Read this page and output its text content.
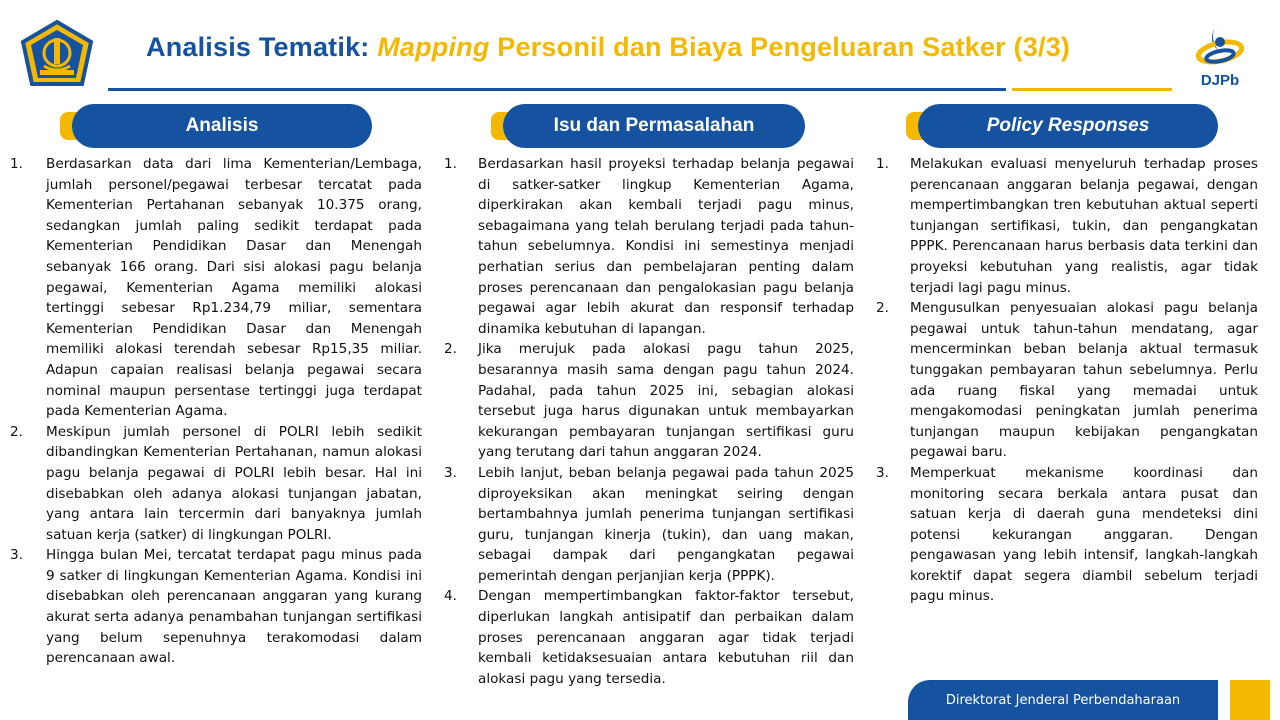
Analisis Tematik: Mapping Personil dan Biaya Pengeluaran Satker (3/3)
DJPb
Analisis	Isu dan Permasalahan	Policy Responses
1.	Berdasarkan data dari lima Kementerian/Lembaga, jumlah personel/pegawai terbesar tercatat pada Kementerian Pertahanan sebanyak 10.375 orang, sedangkan jumlah paling sedikit terdapat pada Kementerian Pendidikan Dasar dan Menengah sebanyak 166 orang. Dari sisi alokasi pagu belanja pegawai, Kementerian Agama memiliki alokasi tertinggi sebesar Rp1.234,79 miliar, sementara Kementerian Pendidikan Dasar dan Menengah memiliki alokasi terendah sebesar Rp15,35 miliar. Adapun capaian realisasi belanja pegawai secara nominal maupun persentase tertinggi juga terdapat pada Kementerian Agama.
2.	Meskipun jumlah personel di POLRI lebih sedikit dibandingkan Kementerian Pertahanan, namun alokasi pagu belanja pegawai di POLRI lebih besar. Hal ini disebabkan oleh adanya alokasi tunjangan jabatan, yang antara lain tercermin dari banyaknya jumlah satuan kerja (satker) di lingkungan POLRI.
3.	Hingga bulan Mei, tercatat terdapat pagu minus pada 9 satker di lingkungan Kementerian Agama. Kondisi ini disebabkan oleh perencanaan anggaran yang kurang akurat serta adanya penambahan tunjangan sertifikasi yang belum sepenuhnya terakomodasi dalam perencanaan awal.
1.	Berdasarkan hasil proyeksi terhadap belanja pegawai di satker-satker lingkup Kementerian Agama, diperkirakan akan kembali terjadi pagu minus, sebagaimana yang telah berulang terjadi pada tahun-tahun sebelumnya. Kondisi ini semestinya menjadi perhatian serius dan pembelajaran penting dalam proses perencanaan dan pengalokasian pagu belanja pegawai agar lebih akurat dan responsif terhadap dinamika kebutuhan di lapangan.
2.	Jika merujuk pada alokasi pagu tahun 2025, besarannya masih sama dengan pagu tahun 2024. Padahal, pada tahun 2025 ini, sebagian alokasi tersebut juga harus digunakan untuk membayarkan kekurangan pembayaran tunjangan sertifikasi guru yang terutang dari tahun anggaran 2024.
3.	Lebih lanjut, beban belanja pegawai pada tahun 2025 diproyeksikan akan meningkat seiring dengan bertambahnya jumlah penerima tunjangan sertifikasi guru, tunjangan kinerja (tukin), dan uang makan, sebagai dampak dari pengangkatan pegawai pemerintah dengan perjanjian kerja (PPPK).
4.	Dengan mempertimbangkan faktor-faktor tersebut, diperlukan langkah antisipatif dan perbaikan dalam proses perencanaan anggaran agar tidak terjadi kembali ketidaksesuaian antara kebutuhan riil dan alokasi pagu yang tersedia.
1.	Melakukan evaluasi menyeluruh terhadap proses perencanaan anggaran belanja pegawai, dengan mempertimbangkan tren kebutuhan aktual seperti tunjangan sertifikasi, tukin, dan pengangkatan PPPK. Perencanaan harus berbasis data terkini dan proyeksi kebutuhan yang realistis, agar tidak terjadi lagi pagu minus.
2.	Mengusulkan penyesuaian alokasi pagu belanja pegawai untuk tahun-tahun mendatang, agar mencerminkan beban belanja aktual termasuk tunggakan pembayaran tahun sebelumnya. Perlu ada ruang fiskal yang memadai untuk mengakomodasi peningkatan jumlah penerima tunjangan maupun kebijakan pengangkatan pegawai baru.
3.	Memperkuat mekanisme koordinasi dan monitoring secara berkala antara pusat dan satuan kerja di daerah guna mendeteksi dini potensi kekurangan anggaran. Dengan pengawasan yang lebih intensif, langkah-langkah korektif dapat segera diambil sebelum terjadi pagu minus.
Direktorat Jenderal Perbendaharaan
